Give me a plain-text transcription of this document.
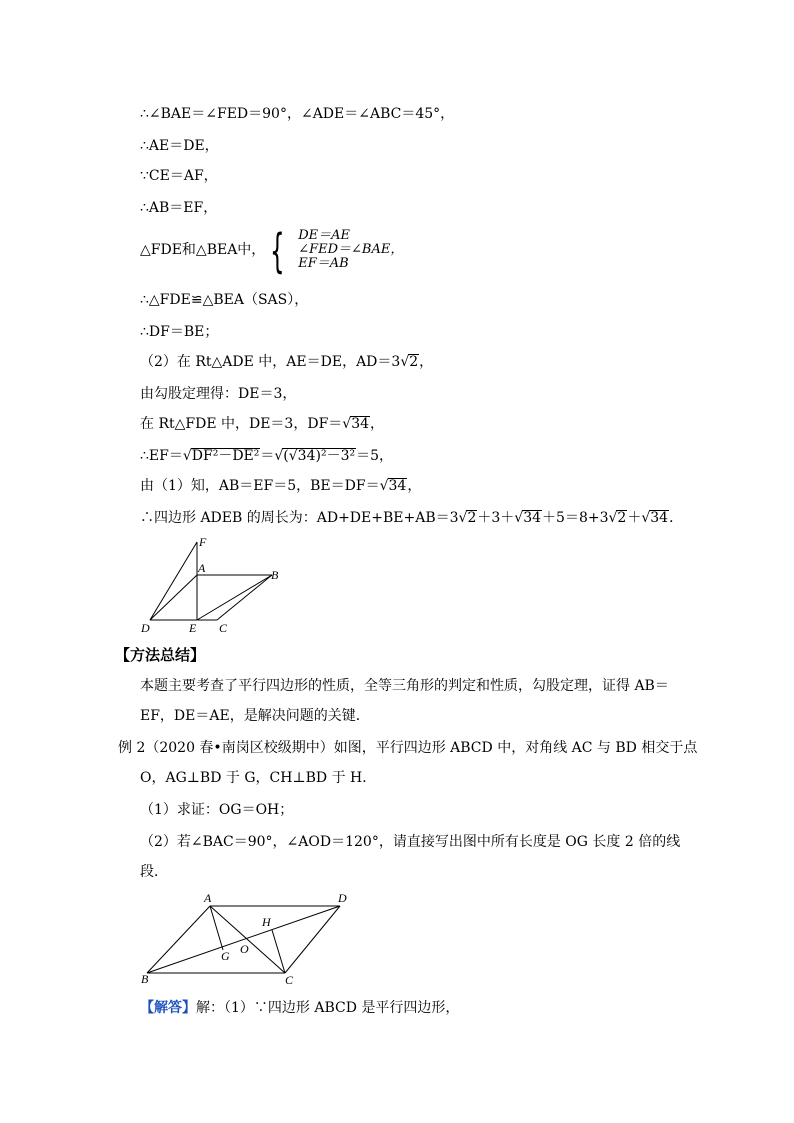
∴∠BAE＝∠FED＝90°，∠ADE＝∠ABC＝45°，
∴AE＝DE，
∵CE＝AF，
∴AB＝EF，
△FDE和△BEA中， { DE＝AE
∠FED＝∠BAE，
EF＝AB
∴△FDE≌△BEA（SAS），
∴DF＝BE；
（2）在 Rt△ADE 中，AE＝DE，AD＝3√2，
由勾股定理得：DE＝3，
在 Rt△FDE 中，DE＝3，DF＝√34，
∴EF＝√DF²－DE²＝√(√34)²－3²＝5，
由（1）知，AB＝EF＝5，BE＝DF＝√34，
∴四边形 ADEB 的周长为：AD+DE+BE+AB＝3√2＋3＋√34＋5＝8+3√2＋√34．
F
A	B
D	E C
【方法总结】
本题主要考查了平行四边形的性质，全等三角形的判定和性质，勾股定理，证得 AB＝
EF，DE＝AE，是解决问题的关键．
例 2（2020 春•南岗区校级期中）如图，平行四边形 ABCD 中，对角线 AC 与 BD 相交于点
O，AG⊥BD 于 G，CH⊥BD 于 H．
（1）求证：OG＝OH；
（2）若∠BAC＝90°，∠AOD＝120°，请直接写出图中所有长度是 OG 长度 2 倍的线
段．
A	D
H
O
G
B	C
【解答】解：（1）∵四边形 ABCD 是平行四边形，
